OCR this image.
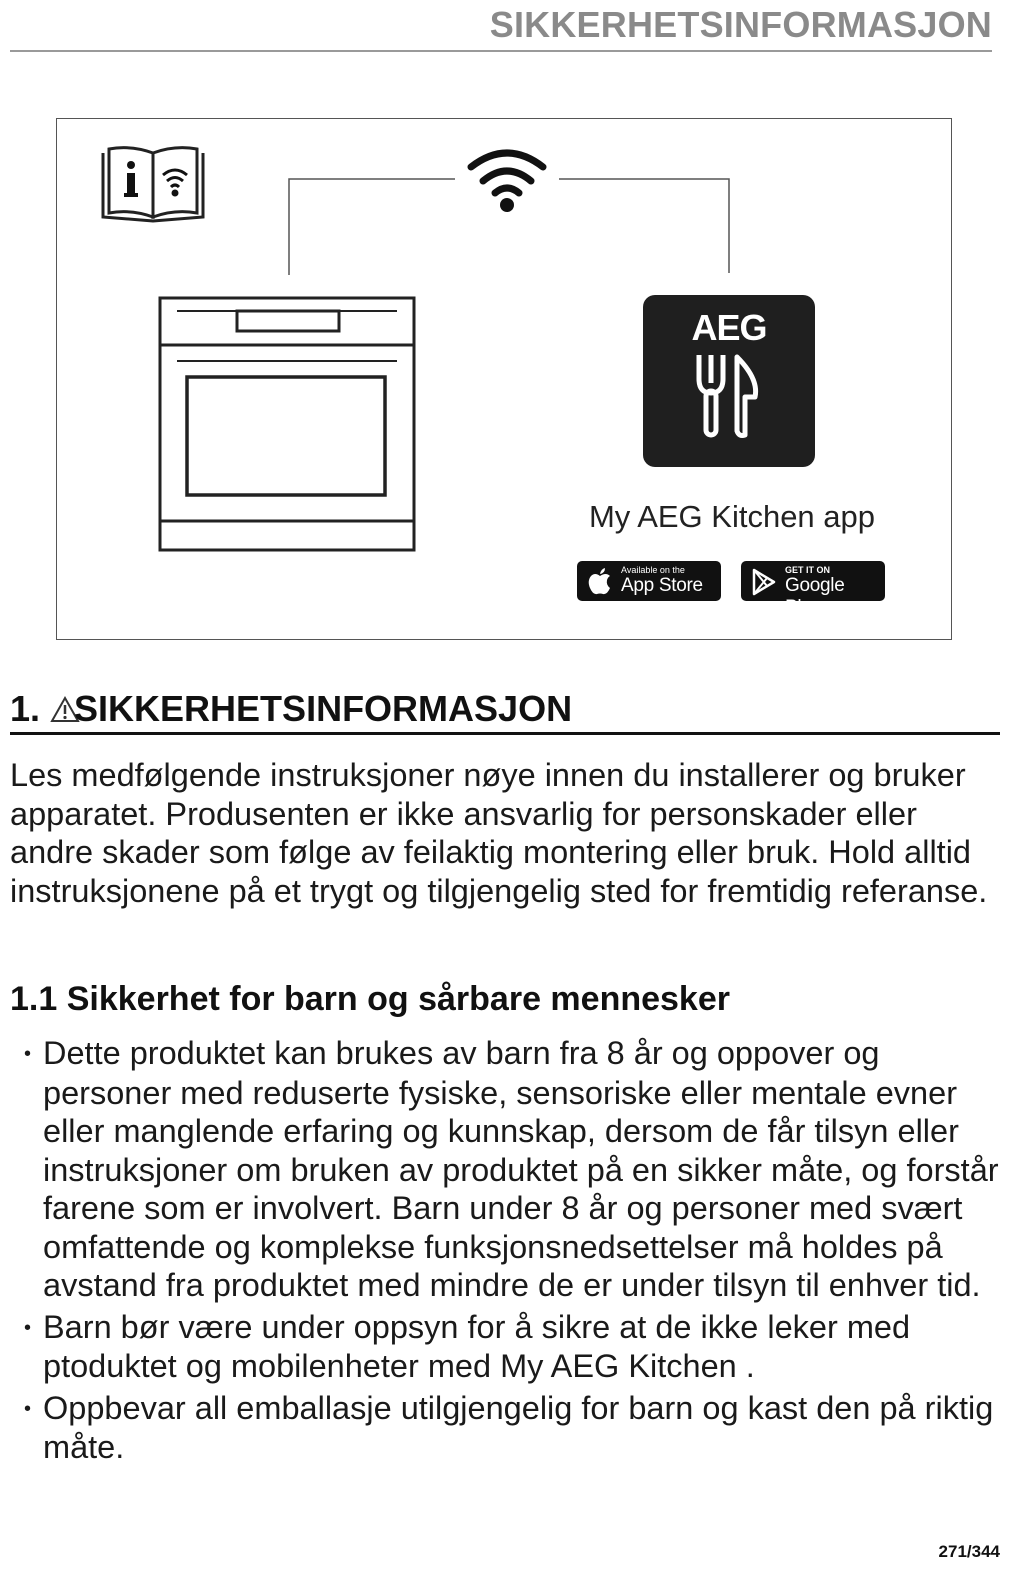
SIKKERHETSINFORMASJON
AEG
My AEG Kitchen app
Available on the
App Store
GET IT ON
Google Play
1. SIKKERHETSINFORMASJON

Les medfølgende instruksjoner nøye innen du installerer og bruker apparatet. Produsenten er ikke ansvarlig for personskader eller andre skader som følge av feilaktig montering eller bruk. Hold alltid instruksjonene på et trygt og tilgjengelig sted for fremtidig referanse.

1.1 Sikkerhet for barn og sårbare mennesker
• Dette produktet kan brukes av barn fra 8 år og oppover og personer med reduserte fysiske, sensoriske eller mentale evner eller manglende erfaring og kunnskap, dersom de får tilsyn eller instruksjoner om bruken av produktet på en sikker måte, og forstår farene som er involvert. Barn under 8 år og personer med svært omfattende og komplekse funksjonsnedsettelser må holdes på avstand fra produktet med mindre de er under tilsyn til enhver tid.
• Barn bør være under oppsyn for å sikre at de ikke leker med ptoduktet og mobilenheter med My AEG Kitchen .
• Oppbevar all emballasje utilgjengelig for barn og kast den på riktig måte.
271/344
